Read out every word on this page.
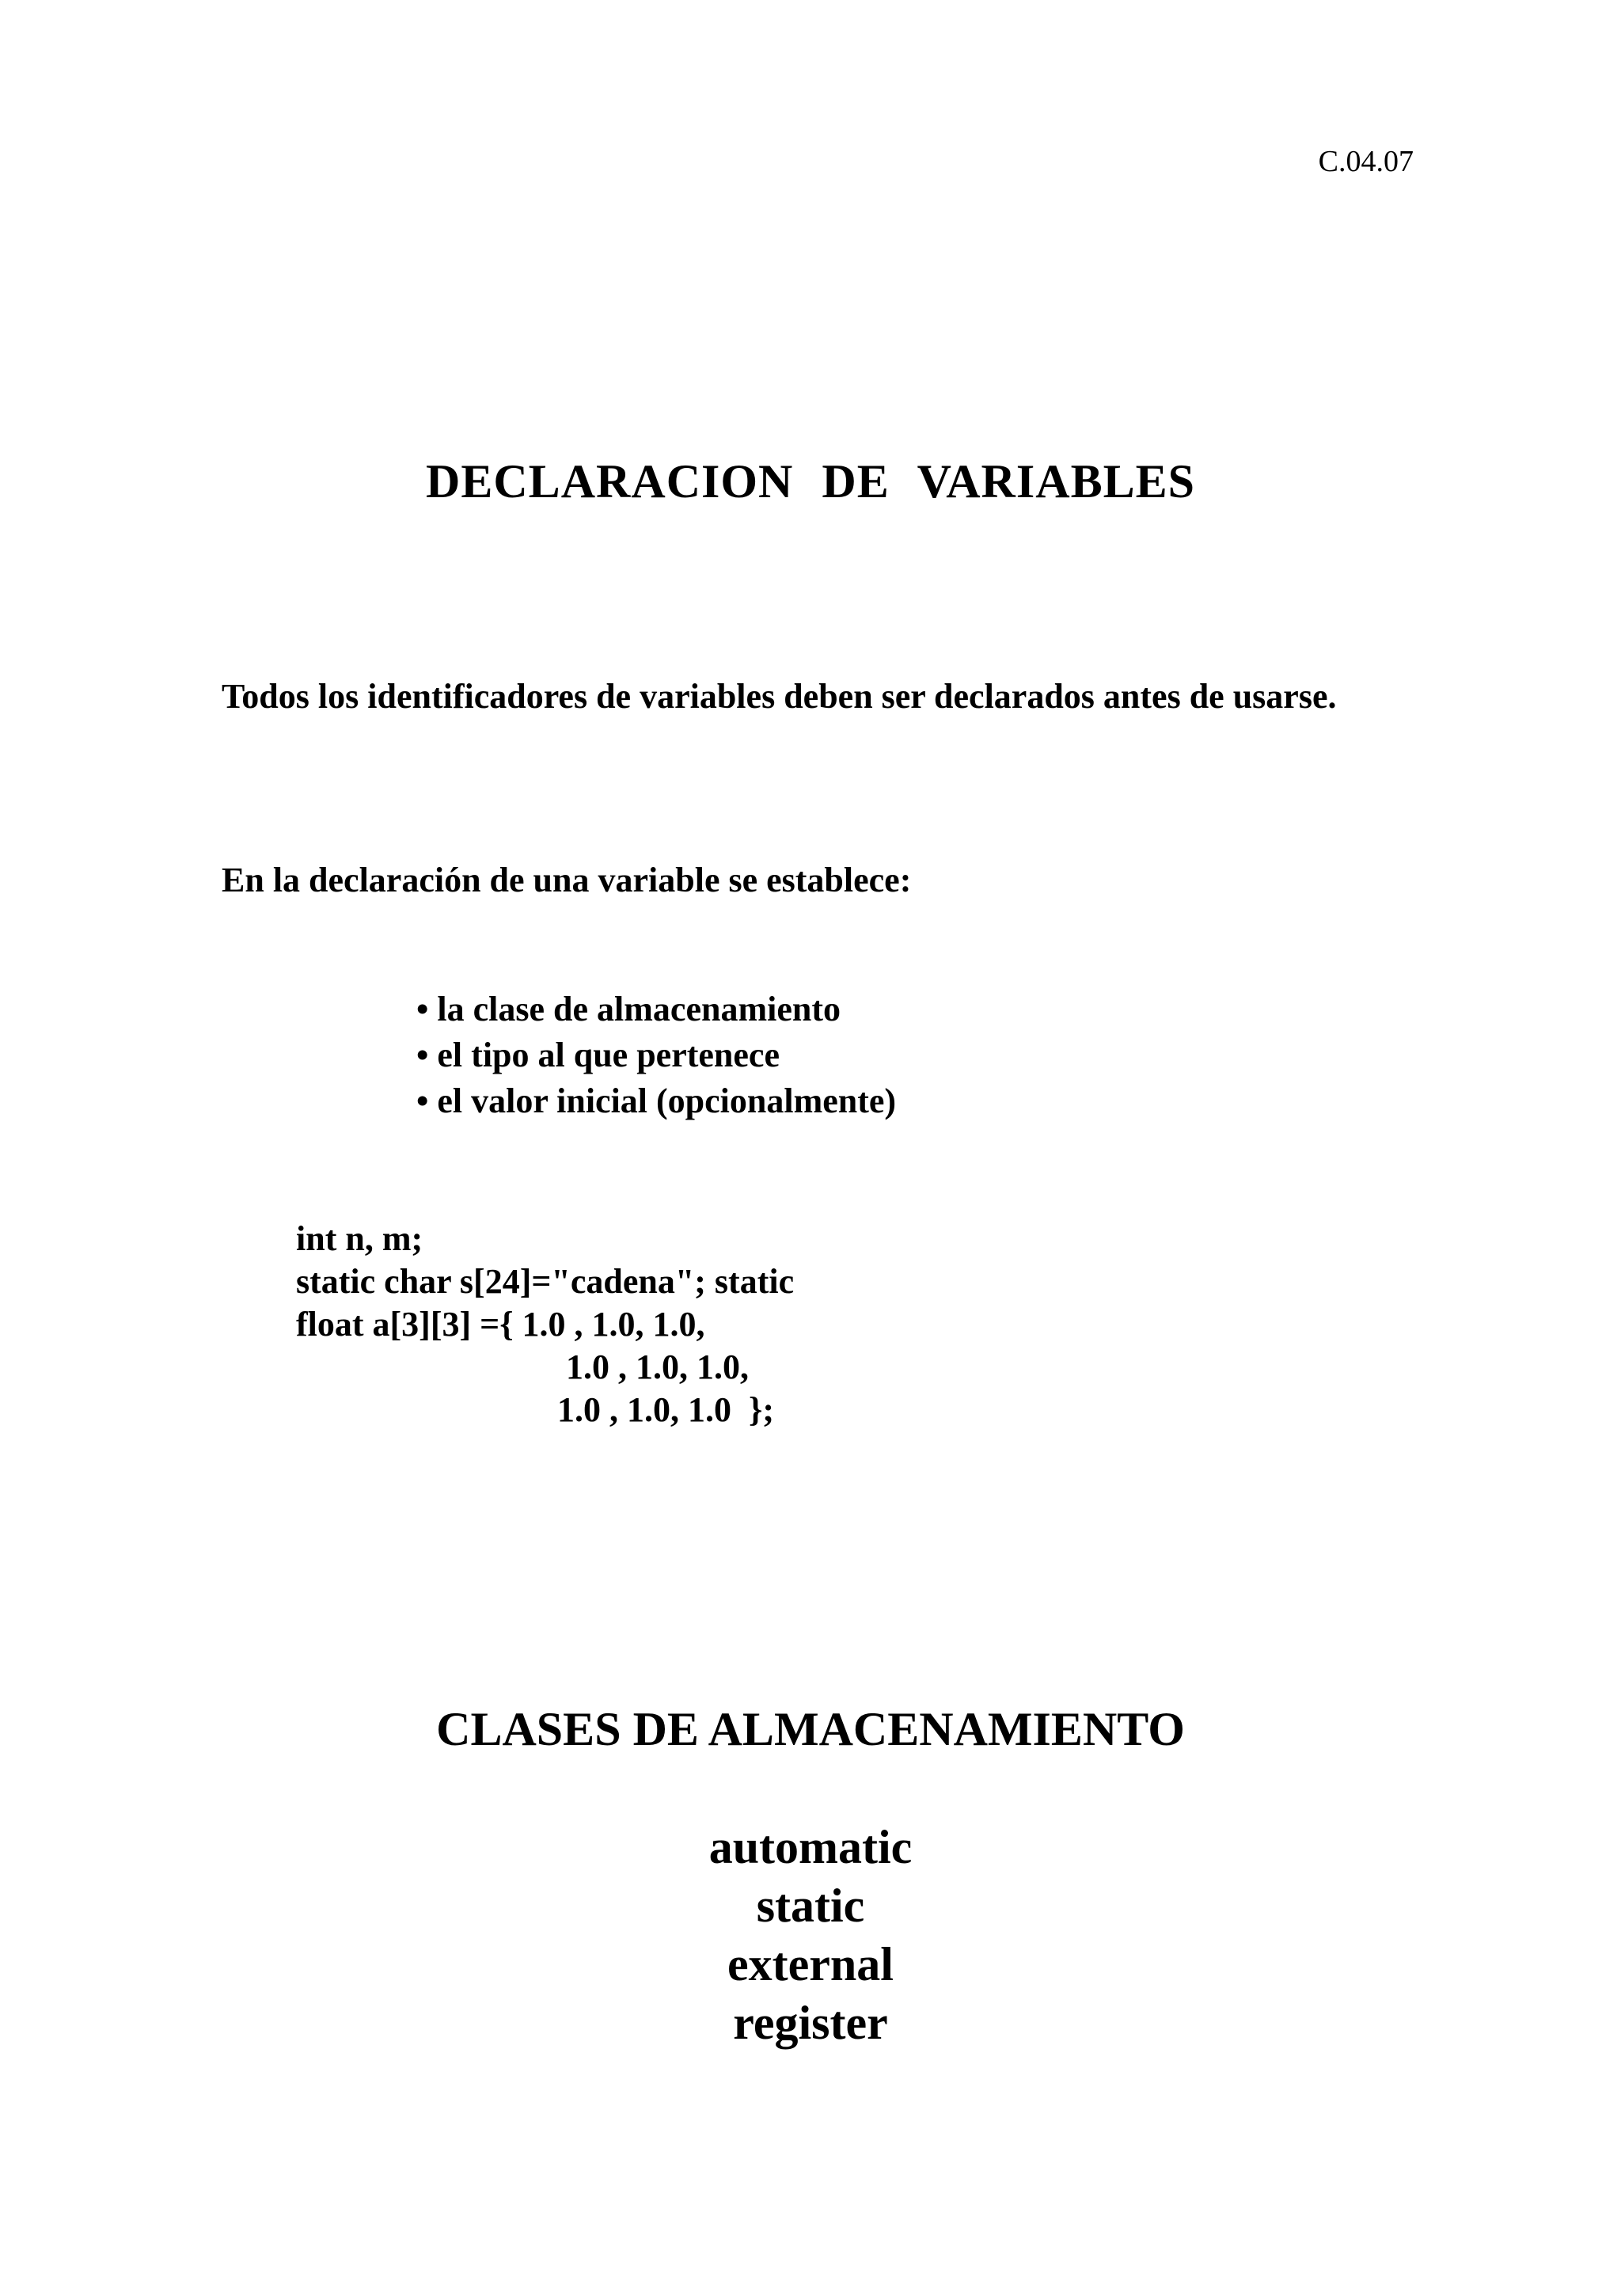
C.04.07
DECLARACION DE VARIABLES
Todos los identificadores de variables deben ser declarados antes de usarse.
En la declaración de una variable se establece:
• la clase de almacenamiento
• el tipo al que pertenece
• el valor inicial (opcionalmente)
int n, m;
static char s[24]="cadena"; static
float a[3][3] ={ 1.0 , 1.0, 1.0,
1.0 , 1.0, 1.0,
1.0 , 1.0, 1.0  };
CLASES DE ALMACENAMIENTO
automatic
static
external
register
